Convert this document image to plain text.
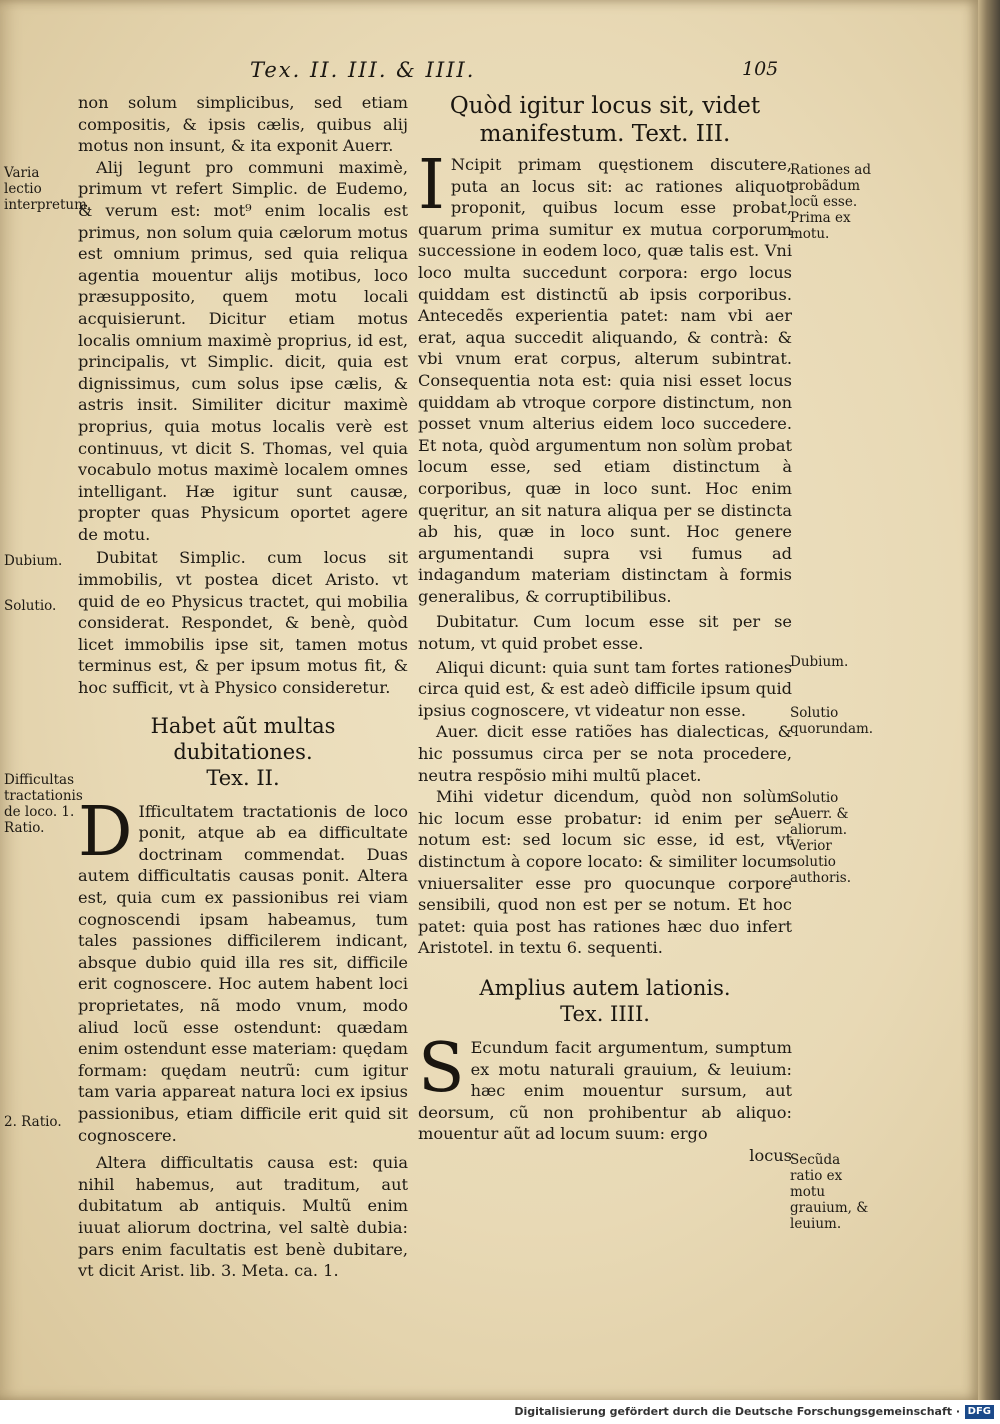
Tex. II. III. & IIII.	105
Varia lectio interpretum.
Dubium.
Solutio.
Difficultas tractationis de loco. 1. Ratio.
2. Ratio.

non solum simplicibus, sed etiam compositis, & ipsis cælis, quibus alij motus non insunt, & ita exponit Auerr.

Alij legunt pro communi maximè, primum vt refert Simplic. de Eudemo, & verum est: mot⁹ enim localis est primus, non solum quia cælorum motus est omnium primus, sed quia reliqua agentia mouentur alijs motibus, loco præsupposito, quem motu locali acquisierunt. Dicitur etiam motus localis omnium maximè proprius, id est, principalis, vt Simplic. dicit, quia est dignissimus, cum solus ipse cælis, & astris insit. Similiter dicitur maximè proprius, quia motus localis verè est continuus, vt dicit S. Thomas, vel quia vocabulo motus maximè localem omnes intelligant. Hæ igitur sunt causæ, propter quas Physicum oportet agere de motu.

Dubitat Simplic. cum locus sit immobilis, vt postea dicet Aristo. vt quid de eo Physicus tractet, qui mobilia considerat. Respondet, & benè, quòd licet immobilis ipse sit, tamen motus terminus est, & per ipsum motus fit, & hoc sufficit, vt à Physico consideretur.

Habet aũt multas dubitationes.
Tex. II.

D Ifficultatem tractationis de loco ponit, atque ab ea difficultate doctrinam commendat. Duas autem difficultatis causas ponit. Altera est, quia cum ex passionibus rei viam cognoscendi ipsam habeamus, tum tales passiones difficilerem indicant, absque dubio quid illa res sit, difficile erit cognoscere. Hoc autem habent loci proprietates, nã modo vnum, modo aliud locũ esse ostendunt: quædam enim ostendunt esse materiam: quędam formam: quędam neutrũ: cum igitur tam varia appareat natura loci ex ipsius passionibus, etiam difficile erit quid sit cognoscere.

Altera difficultatis causa est: quia nihil habemus, aut traditum, aut dubitatum ab antiquis. Multũ enim iuuat aliorum doctrina, vel saltè dubia: pars enim facultatis est benè dubitare, vt dicit Arist. lib. 3. Meta. ca. 1.

Quòd igitur locus sit, videt manifestum. Text. III.

I Ncipit primam quęstionem discutere, puta an locus sit: ac rationes aliquot proponit, quibus locum esse probat, quarum prima sumitur ex mutua corporum successione in eodem loco, quæ talis est. Vni loco multa succedunt corpora: ergo locus quiddam est distinctũ ab ipsis corporibus. Antecedẽs experientia patet: nam vbi aer erat, aqua succedit aliquando, & contrà: & vbi vnum erat corpus, alterum subintrat. Consequentia nota est: quia nisi esset locus quiddam ab vtroque corpore distinctum, non posset vnum alterius eidem loco succedere. Et nota, quòd argumentum non solùm probat locum esse, sed etiam distinctum à corporibus, quæ in loco sunt. Hoc enim quęritur, an sit natura aliqua per se distincta ab his, quæ in loco sunt. Hoc genere argumentandi supra vsi fumus ad indagandum materiam distinctam à formis generalibus, & corruptibilibus.

Dubitatur. Cum locum esse sit per se notum, vt quid probet esse.

Aliqui dicunt: quia sunt tam fortes rationes circa quid est, & est adeò difficile ipsum quid ipsius cognoscere, vt videatur non esse.

Auer. dicit esse ratiões has dialecticas, & hic possumus circa per se nota procedere, neutra respõsio mihi multũ placet.

Mihi videtur dicendum, quòd non solùm hic locum esse probatur: id enim per se notum est: sed locum sic esse, id est, vt distinctum à copore locato: & similiter locum vniuersaliter esse pro quocunque corpore sensibili, quod non est per se notum. Et hoc patet: quia post has rationes hæc duo infert Aristotel. in textu 6. sequenti.

Amplius autem lationis.
Tex. IIII.

S Ecundum facit argumentum, sumptum ex motu naturali grauium, & leuium: hæc enim mouentur sursum, aut deorsum, cũ non prohibentur ab aliquo: mouentur aũt ad locum suum: ergo

locus

Rationes ad probãdum locũ esse. Prima ex motu.
Dubium.
Solutio quorundam.
Solutio Auerr. & aliorum. Verior solutio authoris.
Secũda ratio ex motu grauium, & leuium.
Digitalisierung gefördert durch die Deutsche Forschungsgemeinschaft · DFG
